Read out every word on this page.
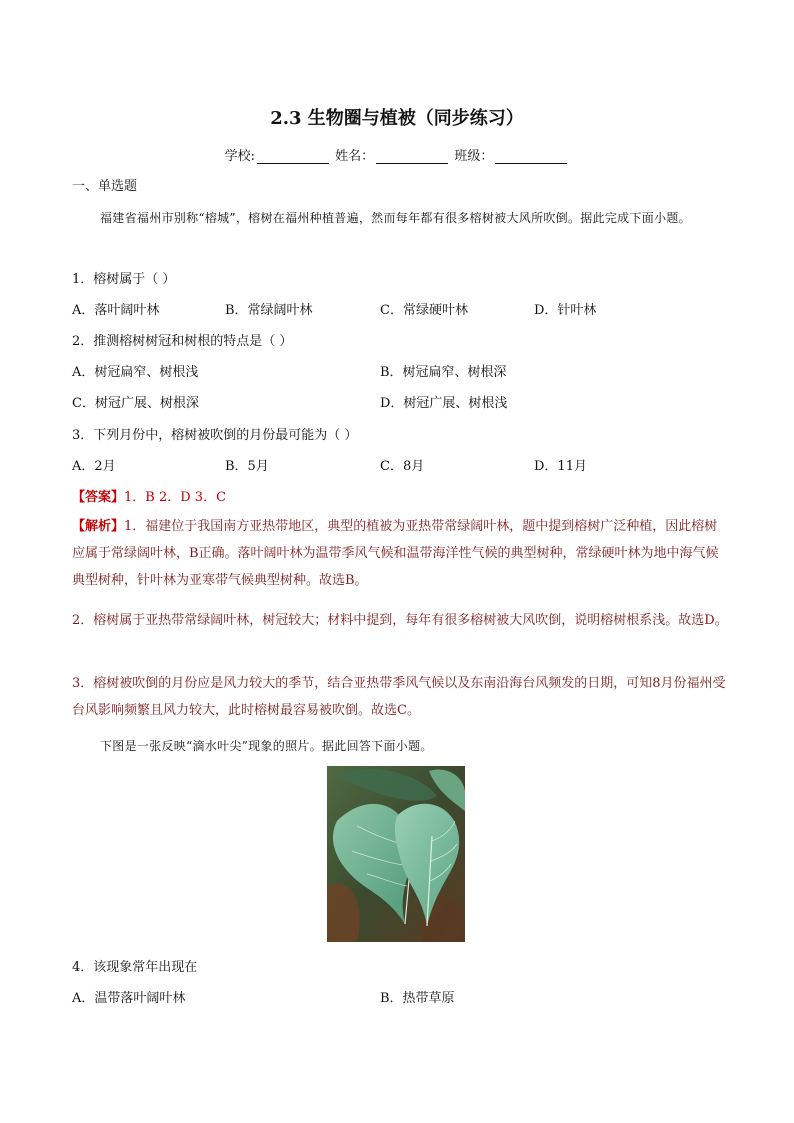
2.3 生物圈与植被（同步练习）
学校:	姓名：	班级：
一、单选题
福建省福州市别称“榕城”，榕树在福州种植普遍，然而每年都有很多榕树被大风所吹倒。据此完成下面小题。
1．榕树属于（ ）
A．落叶阔叶林	B．常绿阔叶林	C．常绿硬叶林	D．针叶林
2．推测榕树树冠和树根的特点是（ ）
A．树冠扁窄、树根浅	B．树冠扁窄、树根深
C．树冠广展、树根深	D．树冠广展、树根浅
3．下列月份中，榕树被吹倒的月份最可能为（ ）
A．2月	B．5月	C．8月	D．11月
【答案】1．B 2．D 3．C
【解析】1．福建位于我国南方亚热带地区，典型的植被为亚热带常绿阔叶林，题中提到榕树广泛种植，因此榕树应属于常绿阔叶林，B正确。落叶阔叶林为温带季风气候和温带海洋性气候的典型树种，常绿硬叶林为地中海气候典型树种，针叶林为亚寒带气候典型树种。故选B。
2．榕树属于亚热带常绿阔叶林，树冠较大；材料中提到，每年有很多榕树被大风吹倒，说明榕树根系浅。故选D。
3．榕树被吹倒的月份应是风力较大的季节，结合亚热带季风气候以及东南沿海台风频发的日期，可知8月份福州受台风影响频繁且风力较大，此时榕树最容易被吹倒。故选C。
下图是一张反映“滴水叶尖”现象的照片。据此回答下面小题。
4．该现象常年出现在
A．温带落叶阔叶林	B．热带草原
